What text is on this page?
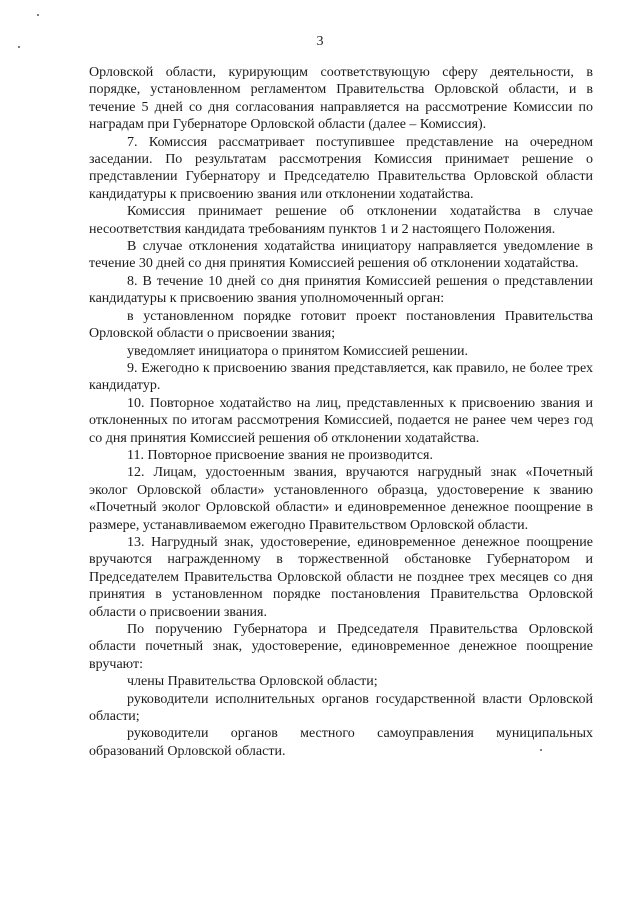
3

Орловской области, курирующим соответствующую сферу деятельности, в порядке, установленном регламентом Правительства Орловской области, и в течение 5 дней со дня согласования направляется на рассмотрение Комиссии по наградам при Губернаторе Орловской области (далее – Комиссия).

7. Комиссия рассматривает поступившее представление на очередном заседании. По результатам рассмотрения Комиссия принимает решение о представлении Губернатору и Председателю Правительства Орловской области кандидатуры к присвоению звания или отклонении ходатайства.

Комиссия принимает решение об отклонении ходатайства в случае несоответствия кандидата требованиям пунктов 1 и 2 настоящего Положения.

В случае отклонения ходатайства инициатору направляется уведомление в течение 30 дней со дня принятия Комиссией решения об отклонении ходатайства.

8. В течение 10 дней со дня принятия Комиссией решения о представлении кандидатуры к присвоению звания уполномоченный орган:

в установленном порядке готовит проект постановления Правительства Орловской области о присвоении звания;

уведомляет инициатора о принятом Комиссией решении.

9. Ежегодно к присвоению звания представляется, как правило, не более трех кандидатур.

10. Повторное ходатайство на лиц, представленных к присвоению звания и отклоненных по итогам рассмотрения Комиссией, подается не ранее чем через год со дня принятия Комиссией решения об отклонении ходатайства.

11. Повторное присвоение звания не производится.

12. Лицам, удостоенным звания, вручаются нагрудный знак «Почетный эколог Орловской области» установленного образца, удостоверение к званию «Почетный эколог Орловской области» и единовременное денежное поощрение в размере, устанавливаемом ежегодно Правительством Орловской области.

13. Нагрудный знак, удостоверение, единовременное денежное поощрение вручаются награжденному в торжественной обстановке Губернатором и Председателем Правительства Орловской области не позднее трех месяцев со дня принятия в установленном порядке постановления Правительства Орловской области о присвоении звания.

По поручению Губернатора и Председателя Правительства Орловской области почетный знак, удостоверение, единовременное денежное поощрение вручают:

члены Правительства Орловской области;

руководители исполнительных органов государственной власти Орловской области;

руководители органов местного самоуправления муниципальных образований Орловской области.
